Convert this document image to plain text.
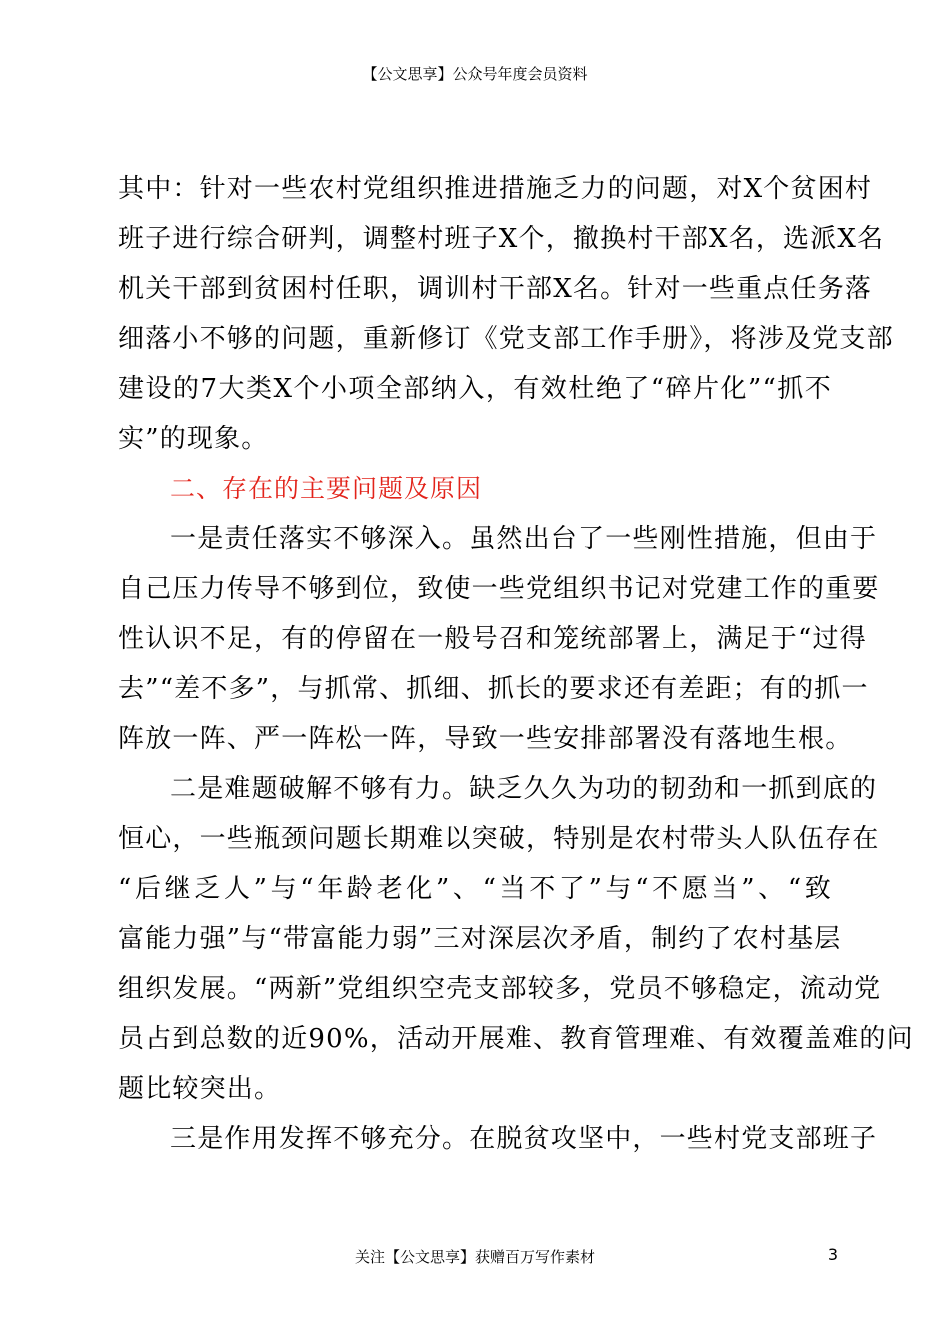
【公文思享】公众号年度会员资料
其中：针对一些农村党组织推进措施乏力的问题，对X个贫困村
班子进行综合研判，调整村班子X个，撤换村干部X名，选派X名
机关干部到贫困村任职，调训村干部X名。针对一些重点任务落
细落小不够的问题，重新修订《党支部工作手册》，将涉及党支部
建设的7大类X个小项全部纳入，有效杜绝了“碎片化”“抓不
实”的现象。
二、存在的主要问题及原因
一是责任落实不够深入。虽然出台了一些刚性措施，但由于
自己压力传导不够到位，致使一些党组织书记对党建工作的重要
性认识不足，有的停留在一般号召和笼统部署上，满足于“过得
去”“差不多”，与抓常、抓细、抓长的要求还有差距；有的抓一
阵放一阵、严一阵松一阵，导致一些安排部署没有落地生根。
二是难题破解不够有力。缺乏久久为功的韧劲和一抓到底的
恒心，一些瓶颈问题长期难以突破，特别是农村带头人队伍存在
“后继乏人”与“年龄老化”、“当不了”与“不愿当”、“致
富能力强”与“带富能力弱”三对深层次矛盾，制约了农村基层
组织发展。“两新”党组织空壳支部较多，党员不够稳定，流动党
员占到总数的近90%，活动开展难、教育管理难、有效覆盖难的问
题比较突出。
三是作用发挥不够充分。在脱贫攻坚中，一些村党支部班子
关注【公文思享】获赠百万写作素材	3
